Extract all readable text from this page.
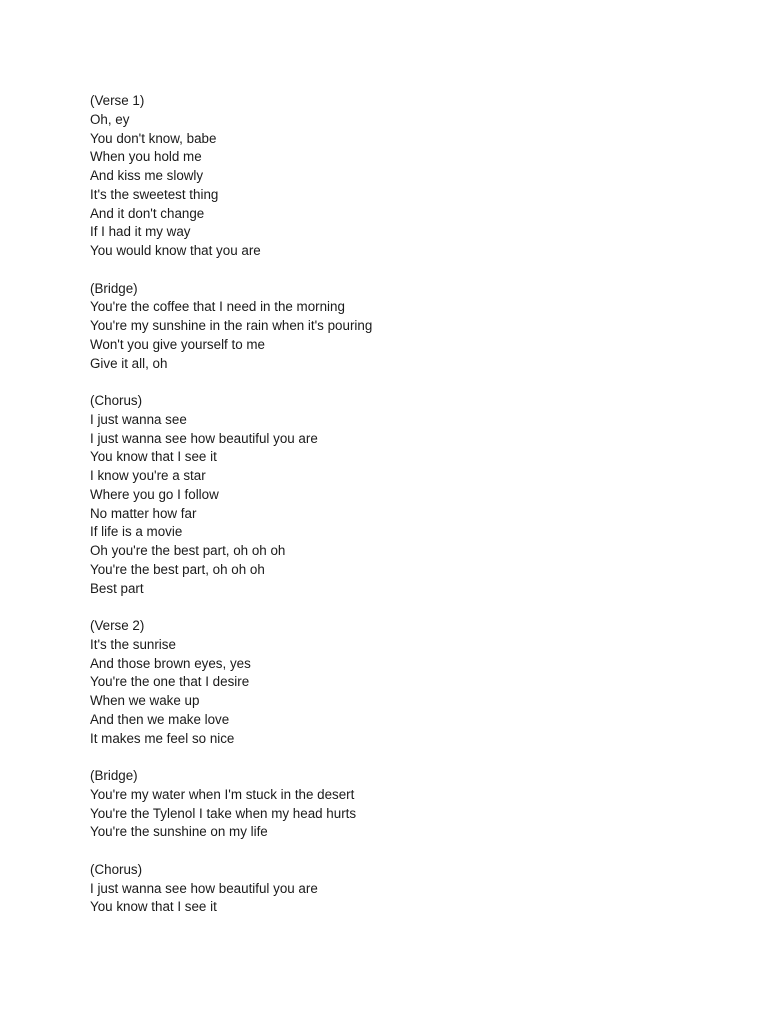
(Verse 1)
Oh, ey
You don't know, babe
When you hold me
And kiss me slowly
It's the sweetest thing
And it don't change
If I had it my way
You would know that you are
(Bridge)
You're the coffee that I need in the morning
You're my sunshine in the rain when it's pouring
Won't you give yourself to me
Give it all, oh
(Chorus)
I just wanna see
I just wanna see how beautiful you are
You know that I see it
I know you're a star
Where you go I follow
No matter how far
If life is a movie
Oh you're the best part, oh oh oh
You're the best part, oh oh oh
Best part
(Verse 2)
It's the sunrise
And those brown eyes, yes
You're the one that I desire
When we wake up
And then we make love
It makes me feel so nice
(Bridge)
You're my water when I'm stuck in the desert
You're the Tylenol I take when my head hurts
You're the sunshine on my life
(Chorus)
I just wanna see how beautiful you are
You know that I see it
